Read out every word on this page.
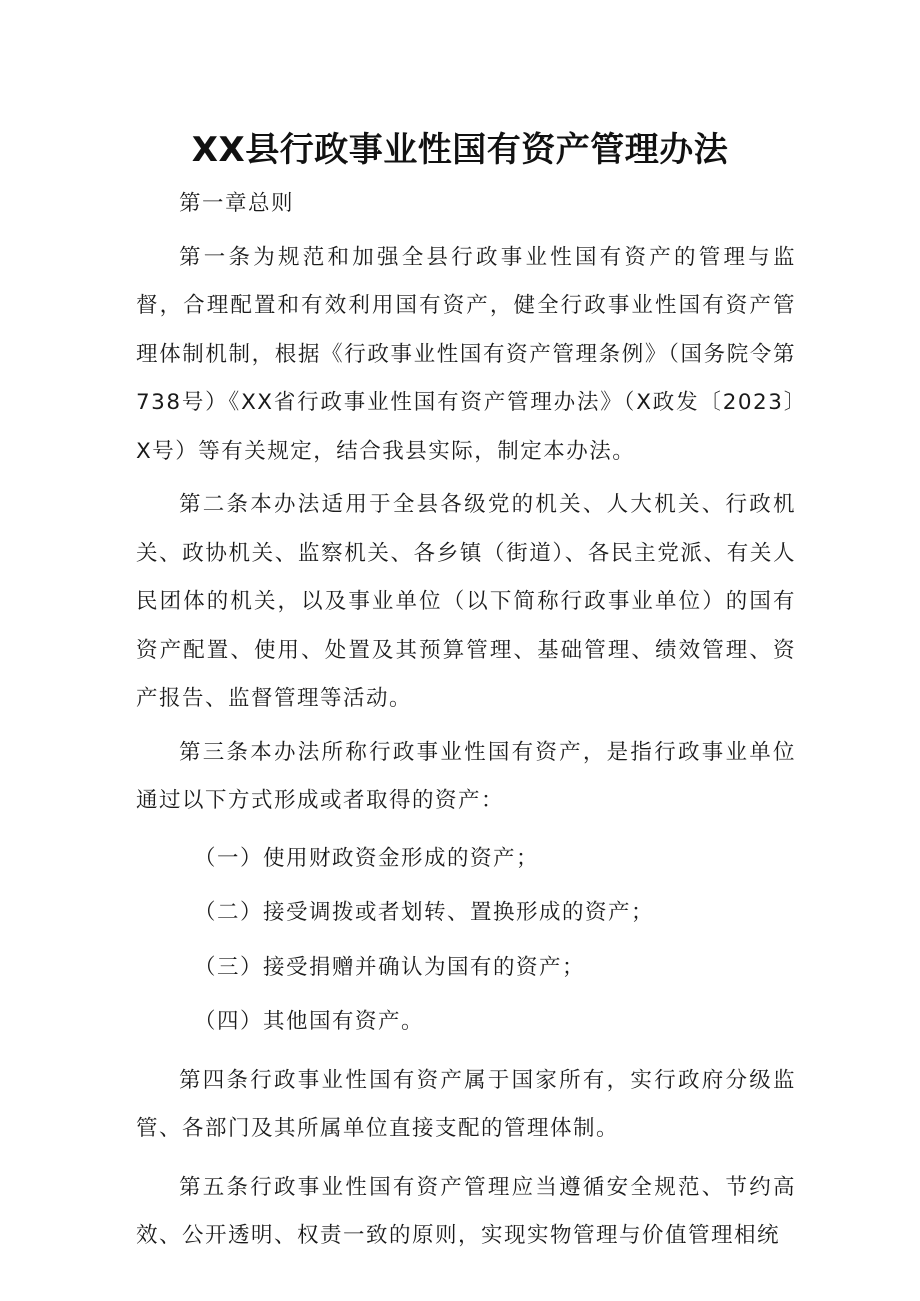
XX县行政事业性国有资产管理办法

第一章总则

第一条为规范和加强全县行政事业性国有资产的管理与监督，合理配置和有效利用国有资产，健全行政事业性国有资产管理体制机制，根据《行政事业性国有资产管理条例》（国务院令第738号）《XX省行政事业性国有资产管理办法》（X政发〔2023〕X号）等有关规定，结合我县实际，制定本办法。

第二条本办法适用于全县各级党的机关、人大机关、行政机关、政协机关、监察机关、各乡镇（街道）、各民主党派、有关人民团体的机关，以及事业单位（以下简称行政事业单位）的国有资产配置、使用、处置及其预算管理、基础管理、绩效管理、资产报告、监督管理等活动。

第三条本办法所称行政事业性国有资产，是指行政事业单位通过以下方式形成或者取得的资产：

（一）使用财政资金形成的资产；

（二）接受调拨或者划转、置换形成的资产；

（三）接受捐赠并确认为国有的资产；

（四）其他国有资产。

第四条行政事业性国有资产属于国家所有，实行政府分级监管、各部门及其所属单位直接支配的管理体制。

第五条行政事业性国有资产管理应当遵循安全规范、节约高效、公开透明、权责一致的原则，实现实物管理与价值管理相统
